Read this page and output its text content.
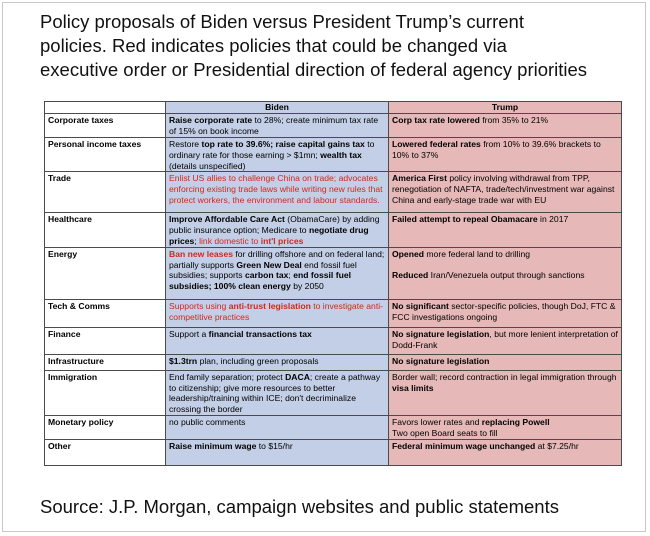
Policy proposals of Biden versus President Trump’s current
policies. Red indicates policies that could be changed via
executive order or Presidential direction of federal agency priorities
	Biden	Trump
Corporate taxes	Raise corporate rate to 28%; create minimum tax rate of 15% on book income	Corp tax rate lowered from 35% to 21%
Personal income taxes	Restore top rate to 39.6%; raise capital gains tax to ordinary rate for those earning > $1mn; wealth tax (details unspecified)	Lowered federal rates from 10% to 39.6% brackets to 10% to 37%
Trade	Enlist US allies to challenge China on trade; advocates enforcing existing trade laws while writing new rules that protect workers, the environment and labour standards.	America First policy involving withdrawal from TPP, renegotiation of NAFTA, trade/tech/investment war against China and early-stage trade war with EU
Healthcare	Improve Affordable Care Act (ObamaCare) by adding public insurance option; Medicare to negotiate drug prices; link domestic to int'l prices	Failed attempt to repeal Obamacare in 2017
Energy	Ban new leases for drilling offshore and on federal land; partially supports Green New Deal end fossil fuel subsidies; supports carbon tax; end fossil fuel subsidies; 100% clean energy by 2050	Opened more federal land to drilling

Reduced Iran/Venezuela output through sanctions
Tech & Comms	Supports using anti-trust legislation to investigate anti-competitive practices	No significant sector-specific policies, though DoJ, FTC & FCC investigations ongoing
Finance	Support a financial transactions tax	No signature legislation, but more lenient interpretation of Dodd-Frank
Infrastructure	$1.3trn plan, including green proposals	No signature legislation
Immigration	End family separation; protect DACA; create a pathway to citizenship; give more resources to better leadership/training within ICE; don't decriminalize crossing the border	Border wall; record contraction in legal immigration through visa limits
Monetary policy	no public comments	Favors lower rates and replacing Powell
Two open Board seats to fill
Other	Raise minimum wage to $15/hr	Federal minimum wage unchanged at $7.25/hr
Source: J.P. Morgan, campaign websites and public statements
